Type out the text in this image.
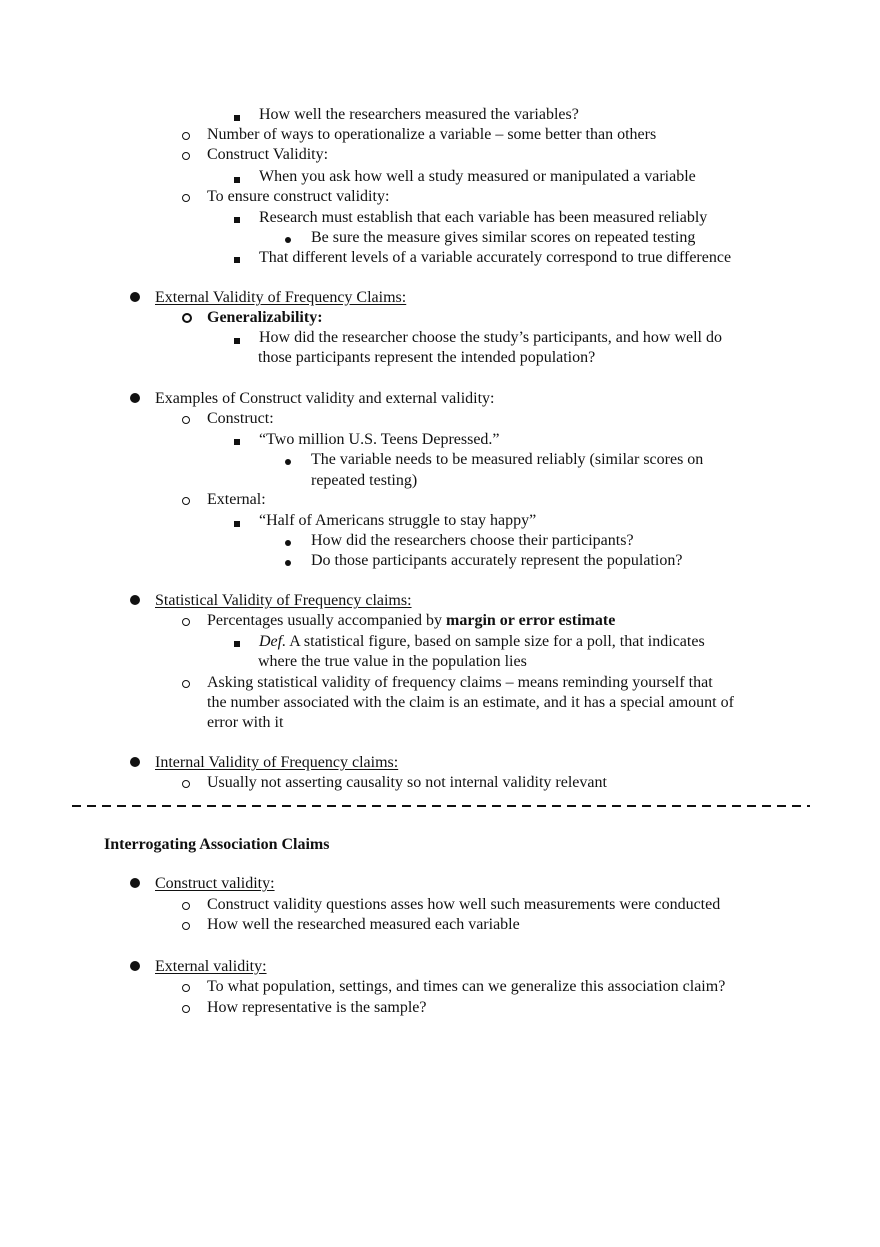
How well the researchers measured the variables?
Number of ways to operationalize a variable – some better than others
Construct Validity:
When you ask how well a study measured or manipulated a variable
To ensure construct validity:
Research must establish that each variable has been measured reliably
Be sure the measure gives similar scores on repeated testing
That different levels of a variable accurately correspond to true difference
External Validity of Frequency Claims:
Generalizability:
How did the researcher choose the study’s participants, and how well do
those participants represent the intended population?
Examples of Construct validity and external validity:
Construct:
“Two million U.S. Teens Depressed.”
The variable needs to be measured reliably (similar scores on
repeated testing)
External:
“Half of Americans struggle to stay happy”
How did the researchers choose their participants?
Do those participants accurately represent the population?
Statistical Validity of Frequency claims:
Percentages usually accompanied by margin or error estimate
Def. A statistical figure, based on sample size for a poll, that indicates
where the true value in the population lies
Asking statistical validity of frequency claims – means reminding yourself that
the number associated with the claim is an estimate, and it has a special amount of
error with it
Internal Validity of Frequency claims:
Usually not asserting causality so not internal validity relevant
Interrogating Association Claims
Construct validity:
Construct validity questions asses how well such measurements were conducted
How well the researched measured each variable
External validity:
To what population, settings, and times can we generalize this association claim?
How representative is the sample?
